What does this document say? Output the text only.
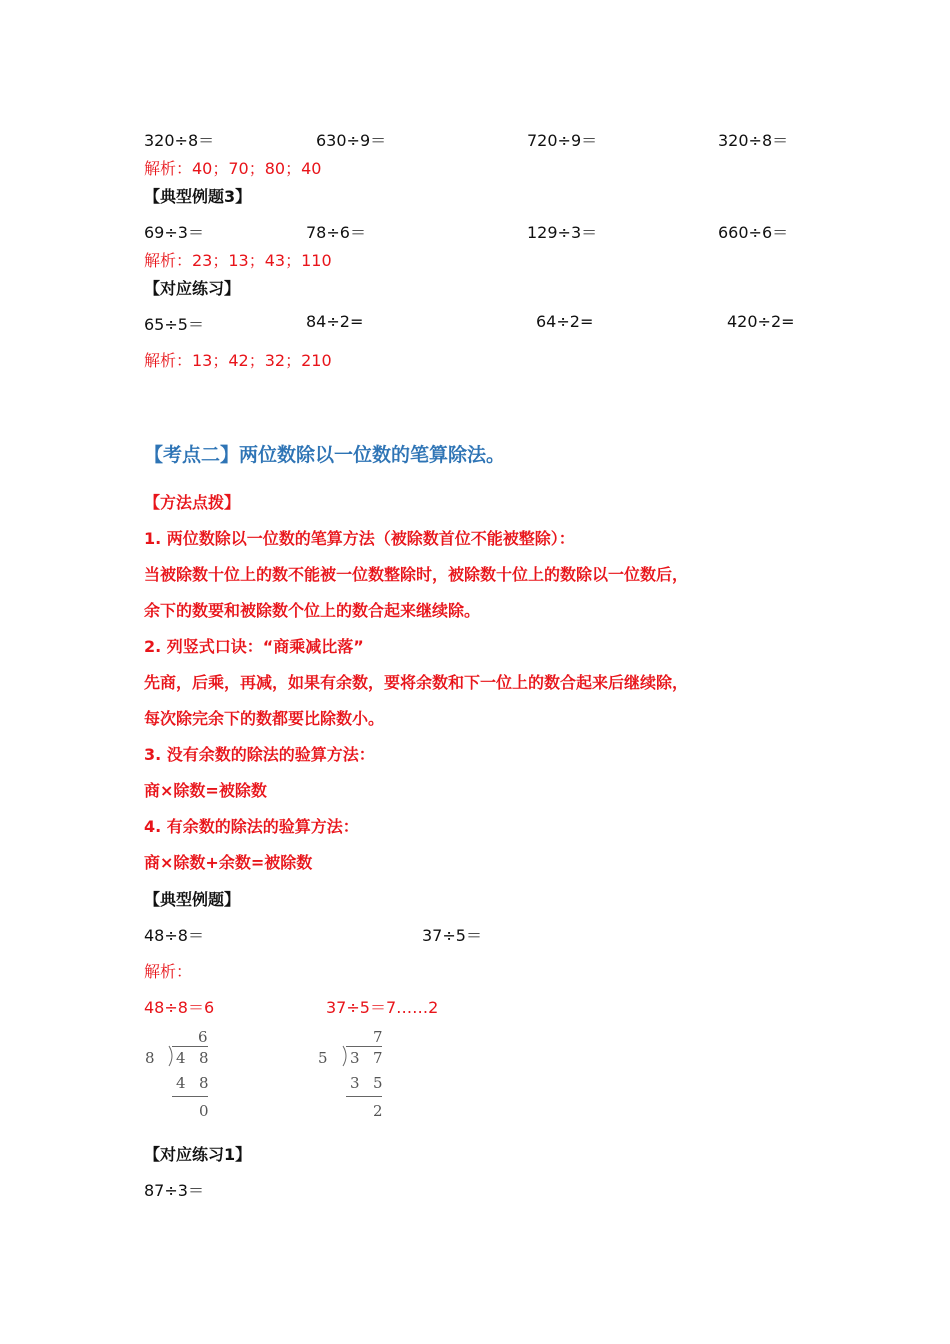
320÷8＝	630÷9＝	720÷9＝	320÷8＝
解析：40；70；80；40
【典型例题3】
69÷3＝	78÷6＝	129÷3＝	660÷6＝
解析：23；13；43；110
【对应练习】
65÷5＝	84÷2=	64÷2=	420÷2=
解析：13；42；32；210
【考点二】两位数除以一位数的笔算除法。
【方法点拨】
1. 两位数除以一位数的笔算方法（被除数首位不能被整除）：
当被除数十位上的数不能被一位数整除时，被除数十位上的数除以一位数后，
余下的数要和被除数个位上的数合起来继续除。
2. 列竖式口诀：“商乘减比落”
先商，后乘，再减，如果有余数，要将余数和下一位上的数合起来后继续除，
每次除完余下的数都要比除数小。
3. 没有余数的除法的验算方法：
商×除数=被除数
4. 有余数的除法的验算方法：
商×除数+余数=被除数
【典型例题】
48÷8＝	37÷5＝
解析：
48÷8＝6	37÷5＝7……2
6
8 4 8
4 8
0
7
5 3 7
3 5
2
【对应练习1】
87÷3＝
